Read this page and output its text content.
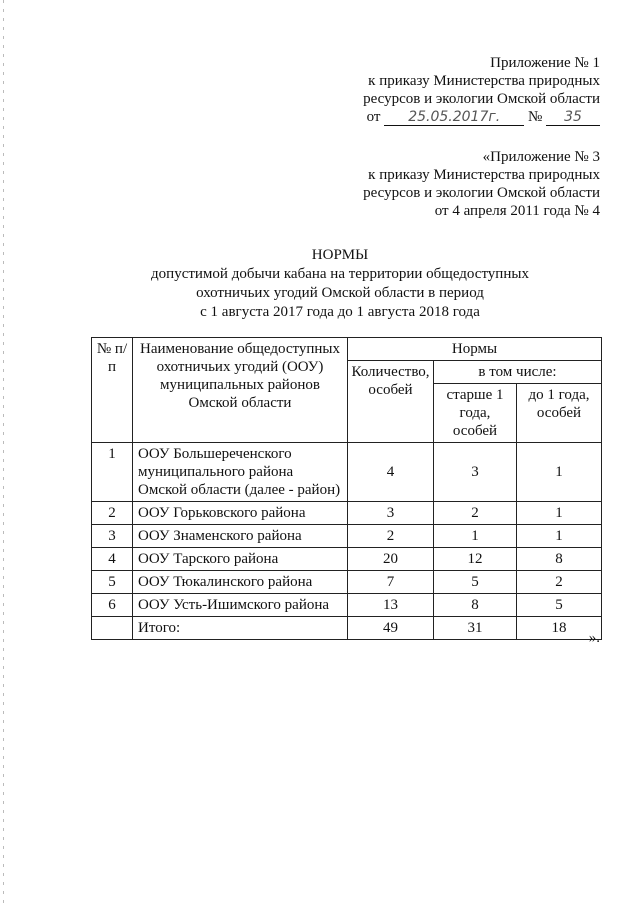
Приложение № 1
к приказу Министерства природных
ресурсов и экологии Омской области
от 25.05.2017г. № 35
«Приложение № 3
к приказу Министерства природных
ресурсов и экологии Омской области
от 4 апреля 2011 года № 4
НОРМЫ
допустимой добычи кабана на территории общедоступных
охотничьих угодий Омской области в период
с 1 августа 2017 года до 1 августа 2018 года
№ п/п	Наименование общедоступных охотничьих угодий (ООУ) муниципальных районов Омской области	Нормы		
		Количество, особей	в том числе:	
			старше 1 года, особей	до 1 года, особей
1	ООУ Большереченского муниципального района Омской области (далее - район)	4	3	1
2	ООУ Горьковского района	3	2	1
3	ООУ Знаменского района	2	1	1
4	ООУ Тарского района	20	12	8
5	ООУ Тюкалинского района	7	5	2
6	ООУ Усть-Ишимского района	13	8	5
	Итого:	49	31	18
».
